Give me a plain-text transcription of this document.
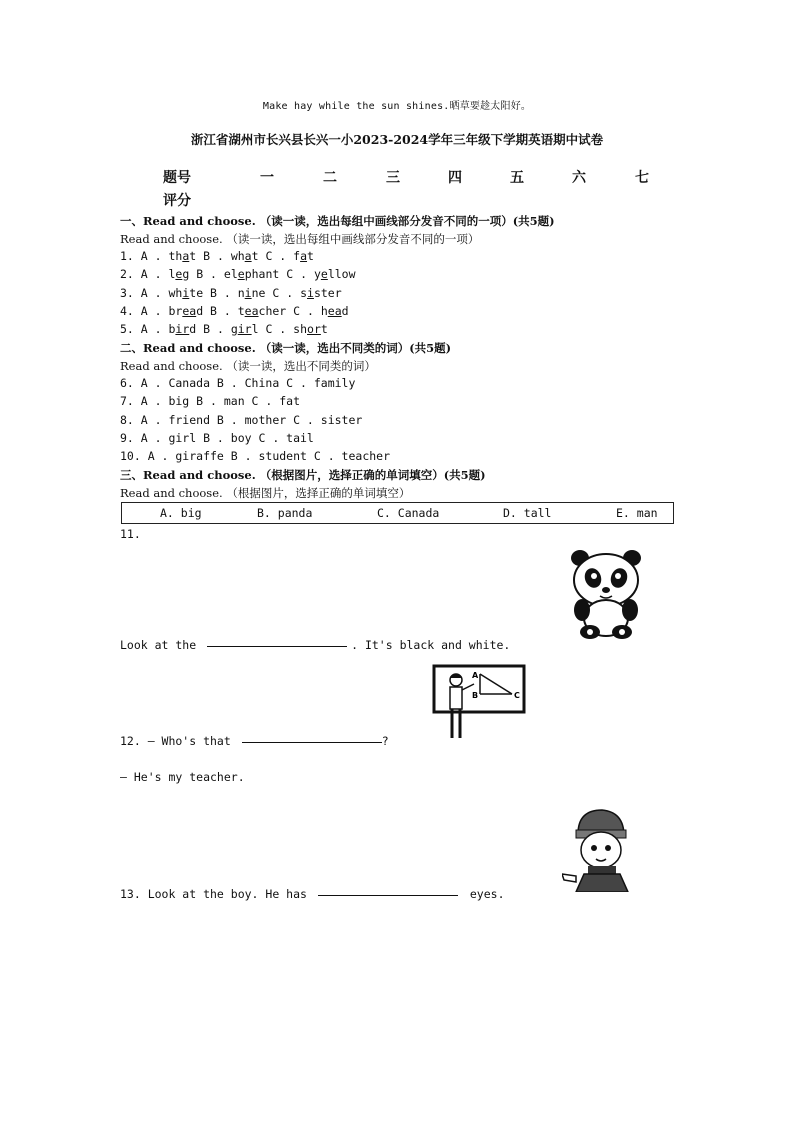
Make hay while the sun shines.晒草要趁太阳好。
浙江省湖州市长兴县长兴一小2023-2024学年三年级下学期英语期中试卷
题号	一	二	三	四	五	六	七
评分
一、Read and choose. （读一读，选出每组中画线部分发音不同的一项）(共5题)
Read and choose. （读一读，选出每组中画线部分发音不同的一项）
1. A . that B . what C . fat
2. A . leg B . elephant C . yellow
3. A . white B . nine C . sister
4. A . bread B . teacher C . head
5. A . bird B . girl C . short
二、Read and choose. （读一读，选出不同类的词）(共5题)
Read and choose. （读一读，选出不同类的词）
6. A . Canada B . China C . family
7. A . big B . man C . fat
8. A . friend B . mother C . sister
9. A . girl B . boy C . tail
10. A . giraffe B . student C . teacher
三、Read and choose. （根据图片，选择正确的单词填空）(共5题)
Read and choose. （根据图片，选择正确的单词填空）
A. big	B. panda	C. Canada	D. tall	E. man
11.
Look at the	. It's black and white.
A
B	C
12. — Who's that	?
— He's my teacher.
13. Look at the boy. He has	eyes.
